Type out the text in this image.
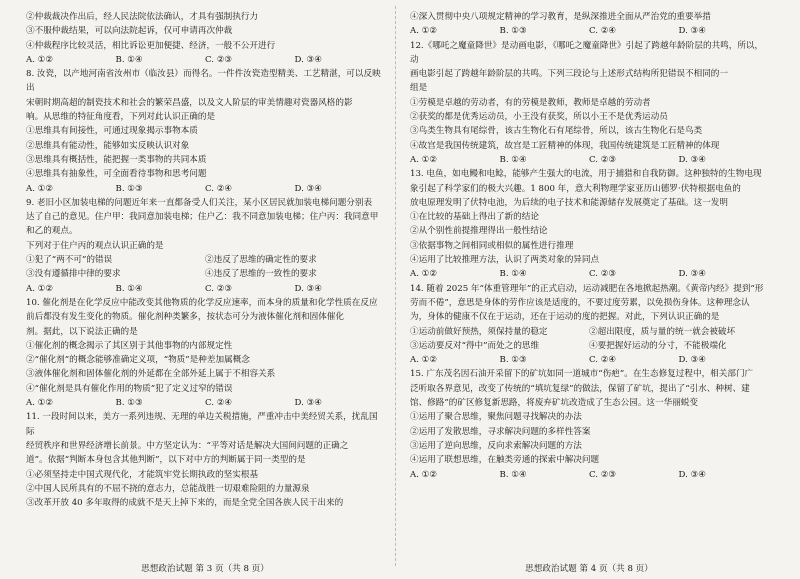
②仲裁裁决作出后，经人民法院依法确认，才具有强制执行力

③不服仲裁结果，可以向法院起诉，仅可申请再次仲裁

④仲裁程序比较灵活，相比诉讼更加便捷、经济，一般不公开进行

A. ①②	B. ①④	C. ②③	D. ③④

8. 汝瓷，以产地河南省汝州市（临汝县）而得名。一件件汝瓷造型精美、工艺精湛，可以反映出

宋朝时期高超的制瓷技术和社会的繁荣昌盛，以及文人阶层的审美情趣对瓷器风格的影

响。从思维的特征角度看，下列对此认识正确的是

①思维具有间接性，可通过现象揭示事物本质

②思维具有能动性，能够如实反映认识对象

③思维具有概括性，能把握一类事物的共同本质

④思维具有抽象性，可全面看待事物和思考问题

A. ①②	B. ①③	C. ②④	D. ③④

9. 老旧小区加装电梯的问题近年来一直都备受人们关注，某小区居民就加装电梯问题分别表

达了自己的意见。住户甲：我同意加装电梯；住户乙：我不同意加装电梯；住户丙：我同意甲

和乙的观点。

下列对于住户丙的观点认识正确的是

①犯了“两不可”的错误	②违反了思维的确定性的要求
③没有遵循排中律的要求	④违反了思维的一致性的要求
A. ①②	B. ①④	C. ②③	D. ③④

10. 催化剂是在化学反应中能改变其他物质的化学反应速率，而本身的质量和化学性质在反应

前后都没有发生变化的物质。催化剂种类繁多，按状态可分为液体催化剂和固体催化

剂。据此，以下说法正确的是

①催化剂的概念揭示了其区别于其他事物的内部规定性

②“催化剂”的概念能够准确定义项，“物质”是种差加属概念

③液体催化剂和固体催化剂的外延都在全部外延上属于不相容关系

④“催化剂是具有催化作用的物质”犯了定义过窄的错误

A. ①②	B. ①③	C. ②④	D. ③④

11. 一段时间以来，美方一系列违规、无理的单边关税措施，严重冲击中美经贸关系，扰乱国际

经贸秩序和世界经济增长前景。中方坚定认为：“平等对话是解决大国间问题的正确之

道”。依据“判断本身包含其他判断”，以下对中方的判断属于同一类型的是

①必须坚持走中国式现代化，才能筑牢党长期执政的坚实根基

②中国人民所具有的不屈不挠的意志力，总能战胜一切艰难险阻的力量源泉

③改革开放 40 多年取得的成就不是天上掉下来的，而是全党全国各族人民干出来的

④深入贯彻中央八项规定精神的学习教育，是纵深推进全面从严治党的重要举措

A. ①②	B. ①③	C. ②④	D. ③④

12.《哪吒之魔童降世》是动画电影，《哪吒之魔童降世》引起了跨越年龄阶层的共鸣，所以，动

画电影引起了跨越年龄阶层的共鸣。下列三段论与上述形式结构所犯错误不相同的一

组是

①劳模是卓越的劳动者，有的劳模是教师，教师是卓越的劳动者

②获奖的都是优秀运动员，小王没有获奖，所以小王不是优秀运动员

③鸟类生物具有尾综骨，该古生物化石有尾综骨，所以，该古生物化石是鸟类

④故宫是我国传统建筑，故宫是工匠精神的体现，我国传统建筑是工匠精神的体现

A. ①②	B. ①④	C. ②③	D. ③④

13. 电鱼，如电鳗和电鲶，能够产生强大的电流，用于捕猎和自我防御。这种独特的生物电现

象引起了科学家们的极大兴趣。1 800 年，意大利物理学家亚历山德罗·伏特根据电鱼的

放电原理发明了伏特电池，为后续的电子技术和能源储存发展奠定了基础。这一发明

①在比较的基础上得出了新的结论

②从个别性前提推理得出一般性结论

③依据事物之间相同或相似的属性进行推理

④运用了比较推理方法，认识了两类对象的异同点

A. ①②	B. ①④	C. ②③	D. ③④

14. 随着 2025 年“体重管理年”的正式启动，运动减肥在各地掀起热潮。《黄帝内经》提到“形

劳而不倦”，意思是身体的劳作应该是适度的，不要过度劳累，以免损伤身体。这种理念认

为，身体的健康不仅在于运动，还在于运动的度的把握。对此，下列认识正确的是

①运动前做好预热，须保持量的稳定	②超出限度，质与量的统一就会被破坏
③运动要反对“得中”而处之的思维	④要把握好运动的分寸，不能极端化
A. ①②	B. ①③	C. ②④	D. ③④

15. 广东茂名因石油开采留下的矿坑如同一道城市“伤疤”。在生态修复过程中，相关部门广

泛听取各界意见，改变了传统的“填坑复绿”的做法，保留了矿坑，提出了“引水、种树、建

馆、修路”的矿区修复新思路，将废弃矿坑改造成了生态公园。这一华丽蜕变

①运用了聚合思维，聚焦问题寻找解决的办法

②运用了发散思维，寻求解决问题的多样性答案

③运用了逆向思维，反向求索解决问题的方法

④运用了联想思维，在触类旁通的探索中解决问题

A. ①②	B. ①④	C. ②③	D. ③④
思想政治试题 第 3 页（共 8 页）	思想政治试题 第 4 页（共 8 页）
